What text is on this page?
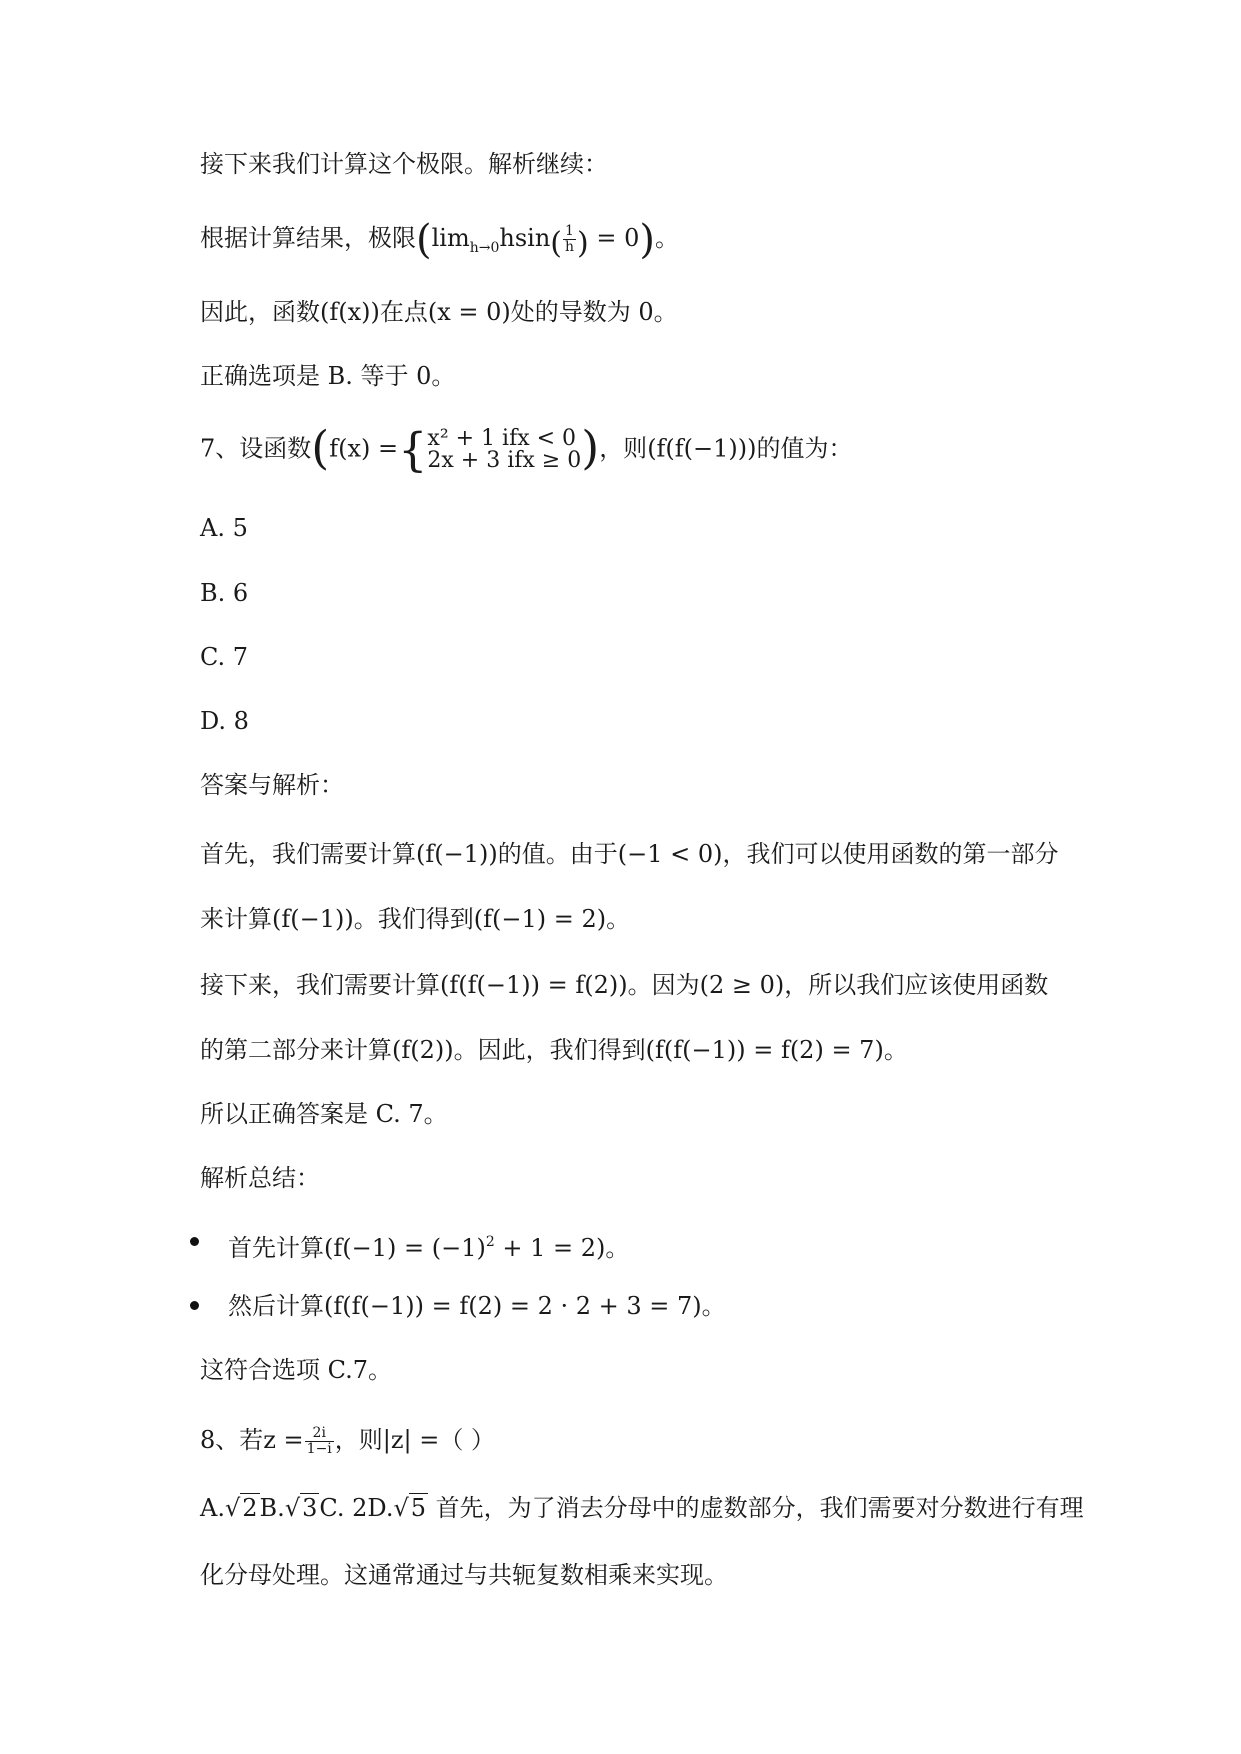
接下来我们计算这个极限。解析继续：
根据计算结果，极限($\lim_{h\to 0}hsin( \frac{1}{h}$ ) = 0)。
因此，函数(f(x))在点(x = 0)处的导数为 0。
正确选项是 B. 等于 0。
7、设函数(f(x) ={ x² + 1 ifx < 0
2x + 3 ifx ≥ 0 )，则(f(f(−1)))的值为：
A. 5
B. 6
C. 7
D. 8
答案与解析：
首先，我们需要计算(f(−1))的值。由于(−1 < 0)，我们可以使用函数的第一部分
来计算(f(−1))。我们得到(f(−1) = 2)。
接下来，我们需要计算(f(f(−1)) = f(2))。因为(2 ≥ 0)，所以我们应该使用函数
的第二部分来计算(f(2))。因此，我们得到(f(f(−1)) = f(2) = 7)。
所以正确答案是 C. 7。
解析总结：
首先计算$(f(-1) = (-1)^2 + 1 = 2)$。
然后计算(f(f(−1)) = f(2) = 2 · 2 + 3 = 7)。
这符合选项 C.7。
8、若$z = \frac{2i}{1-i}$ ，则|z| =（ ）
A.√2B.√3C. 2D.√5 首先，为了消去分母中的虚数部分，我们需要对分数进行有理
化分母处理。这通常通过与共轭复数相乘来实现。
